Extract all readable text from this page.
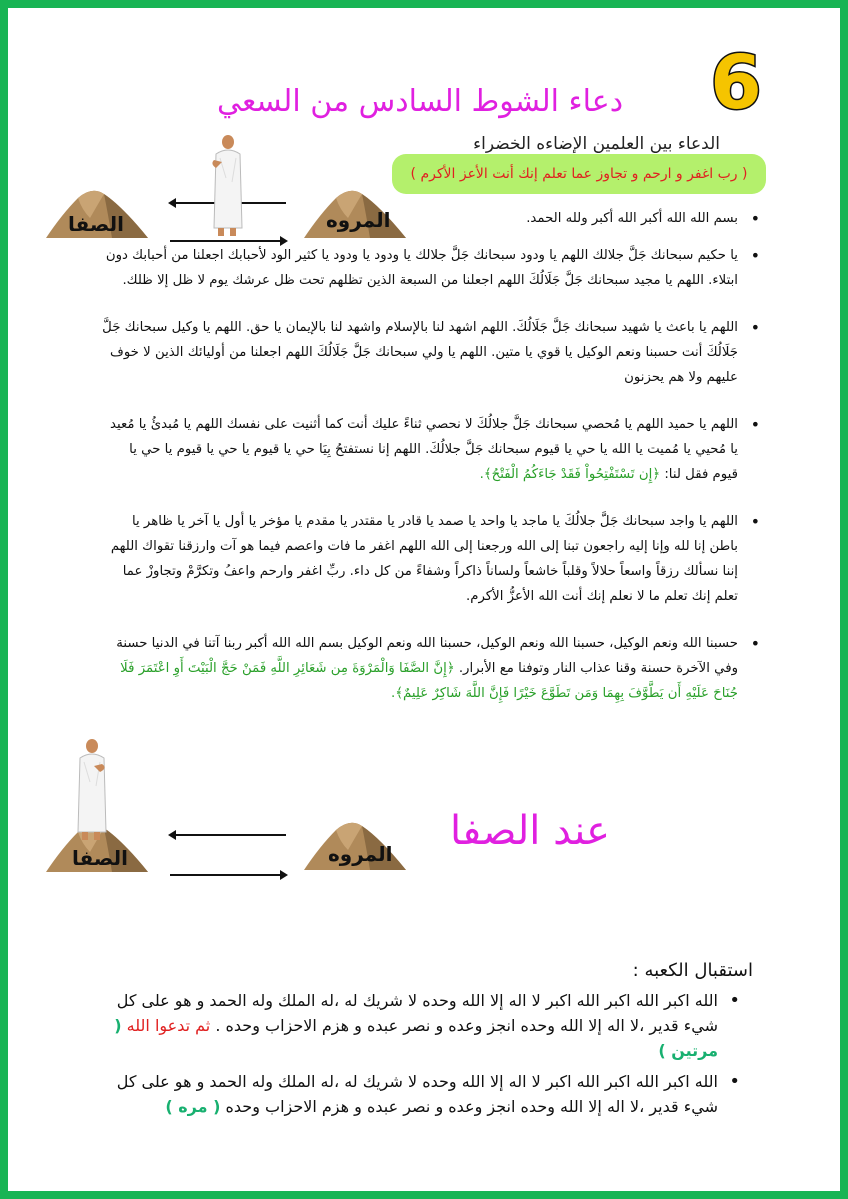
6
دعاء الشوط السادس من السعي
الدعاء بين العلمين الإضاءه الخضراء
( رب اغفر و ارحم و تجاوز عما تعلم إنك أنت الأعز الأكرم )
الصفا	المروه
•	بسم الله الله أكبر الله أكبر ولله الحمد.
• يا حكيم سبحانك جَلَّ جلالك اللهم يا ودود سبحانك جَلَّ جلالك يا ودود يا ودود يا كثير الود لأحبابك اجعلنا من أحبابك دون ابتلاء. اللهم يا مجيد سبحانك جَلَّ جَلَالُكَ اللهم اجعلنا من السبعة الذين تظلهم تحت ظل عرشك يوم لا ظل إلا ظلك.
• اللهم يا باعث يا شهيد سبحانك جَلَّ جَلَالُكَ. اللهم اشهد لنا بالإسلام واشهد لنا بالإيمان يا حق. اللهم يا وكيل سبحانك جَلَّ جَلَالُكَ أنت حسبنا ونعم الوكيل يا قوي يا متين. اللهم يا ولي سبحانك جَلَّ جَلَالُكَ اللهم اجعلنا من أوليائك الذين لا خوف عليهم ولا هم يحزنون
• اللهم يا حميد اللهم يا مُحصي سبحانك جَلَّ جلالُكَ لا نحصي ثناءً عليك أنت كما أثنيت على نفسك اللهم يا مُبدئُ يا مُعيد يا مُحيي يا مُميت يا الله يا حي يا قيوم سبحانك جَلَّ جلالُكَ. اللهم إنا نستفتحُ بِيَا حي يا قيوم يا حي يا قيوم يا حي يا قيوم فقل لنا: ﴿إِن تَسْتَفْتِحُواْ فَقَدْ جَاءَكُمُ الْفَتْحُ﴾.
• اللهم يا واجد سبحانك جَلَّ جلالُكَ يا ماجد يا واحد يا صمد يا قادر يا مقتدر يا مقدم يا مؤخر يا أول يا آخر يا ظاهر يا باطن إنا لله وإنا إليه راجعون تبنا إلى الله ورجعنا إلى الله اللهم اغفر ما فات واعصم فيما هو آت وارزقنا تقواك اللهم إننا نسألك رزقاً واسعاً حلالاً وقلباً خاشعاً ولساناً ذاكراً وشفاءً من كل داء. ربِّ اغفر وارحم واعفُ وتكرَّمْ وتجاوزْ عما تعلم إنك تعلم ما لا نعلم إنك أنت الله الأعزُّ الأكرم.
• حسبنا الله ونعم الوكيل، حسبنا الله ونعم الوكيل، حسبنا الله ونعم الوكيل بسم الله الله أكبر ربنا آتنا في الدنيا حسنة وفي الآخرة حسنة وقنا عذاب النار وتوفنا مع الأبرار. ﴿إِنَّ الصَّفَا وَالْمَرْوَةَ مِن شَعَائِرِ اللَّهِ فَمَنْ حَجَّ الْبَيْتَ أَوِ اعْتَمَرَ فَلَا جُنَاحَ عَلَيْهِ أَن يَطَّوَّفَ بِهِمَا وَمَن تَطَوَّعَ خَيْرًا فَإِنَّ اللَّهَ شَاكِرٌ عَلِيمٌ﴾.
الصفا	المروه	عند الصفا
استقبال الكعبه :
• الله اكبر الله اكبر الله اكبر لا اله إلا الله وحده لا شريك له ،له الملك وله الحمد و هو على كل شيء قدير ،لا اله إلا الله وحده انجز وعده و نصر عبده و هزم الاحزاب وحده . ثم تدعوا الله ( مرتين )
• الله اكبر الله اكبر الله اكبر لا اله إلا الله وحده لا شريك له ،له الملك وله الحمد و هو على كل شيء قدير ،لا اله إلا الله وحده انجز وعده و نصر عبده و هزم الاحزاب وحده ( مره )
